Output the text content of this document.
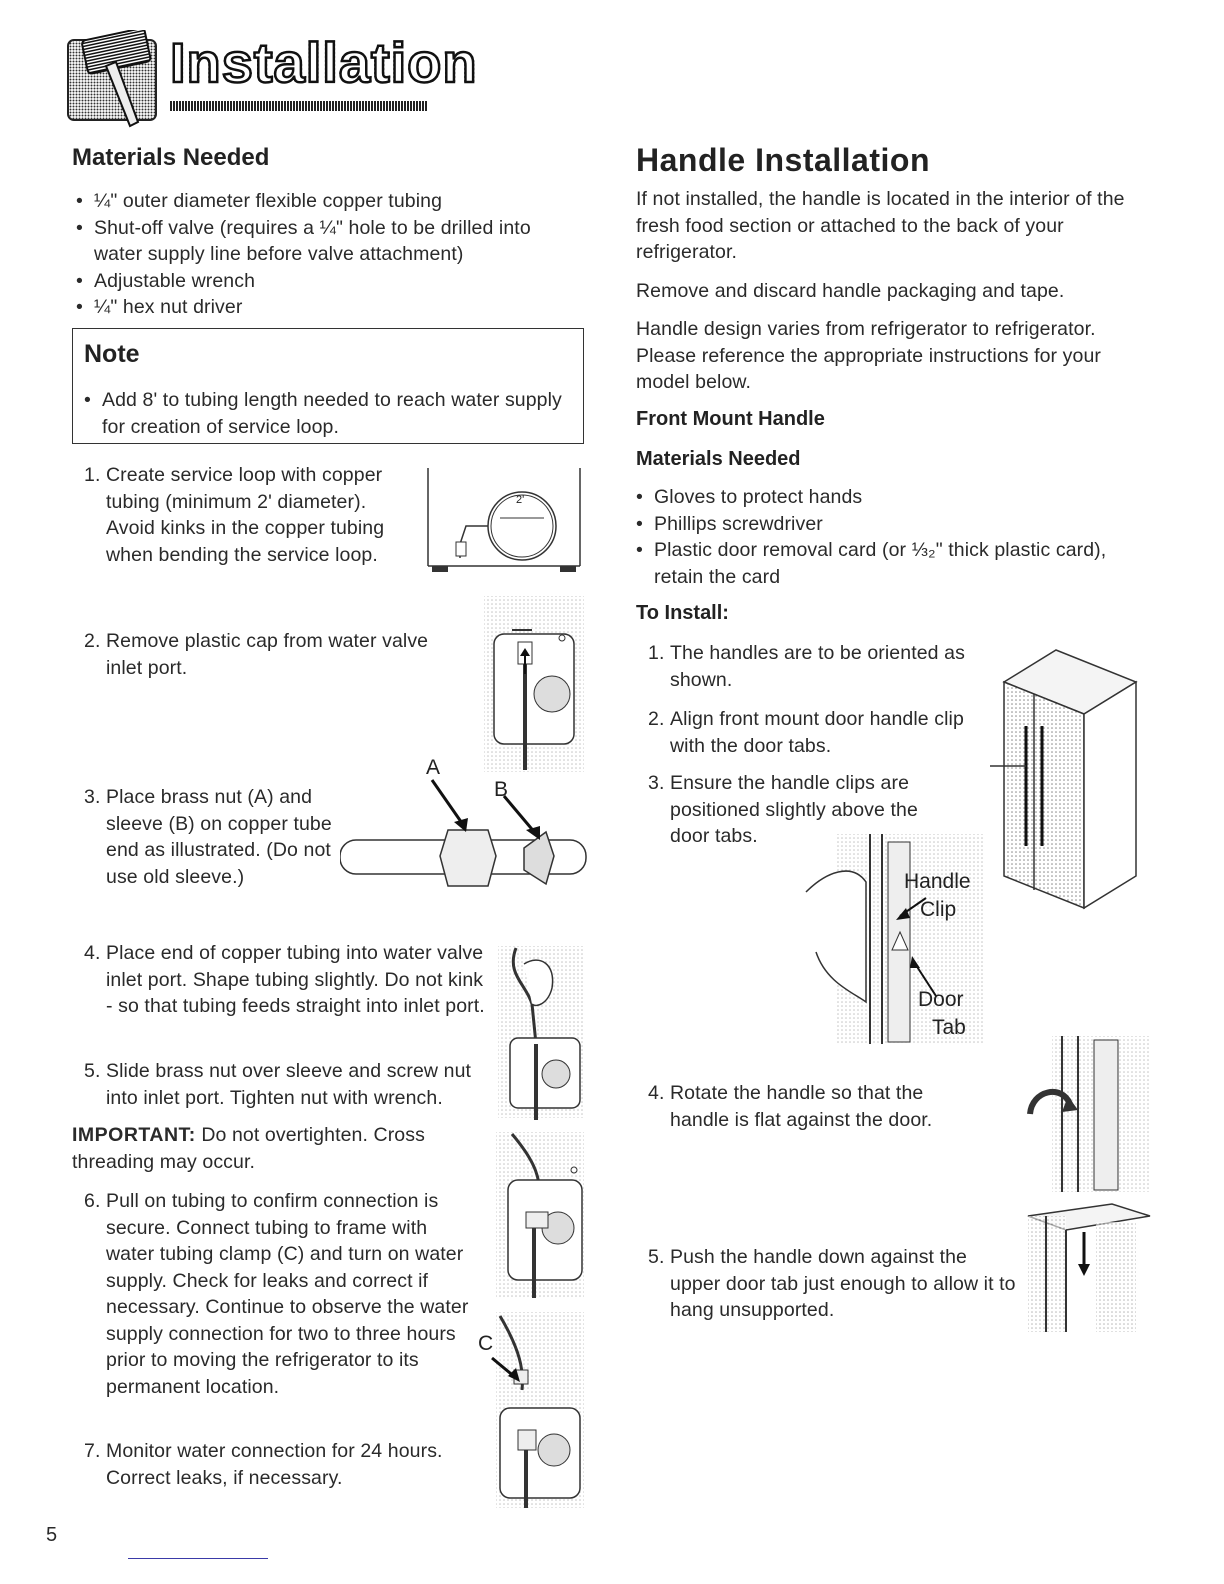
Installation
Materials Needed
• ¼" outer diameter flexible copper tubing
• Shut-off valve (requires a ¼" hole to be drilled into water supply line before valve attachment)
• Adjustable wrench
• ¼" hex nut driver
Note
• Add 8' to tubing length needed to reach water supply for creation of service loop.
1. Create service loop with copper tubing (minimum 2' diameter). Avoid kinks in the copper tubing when bending the service loop.
2. Remove plastic cap from water valve inlet port.
3. Place brass nut (A) and sleeve (B) on copper tube end as illustrated. (Do not use old sleeve.)
4. Place end of copper tubing into water valve inlet port. Shape tubing slightly. Do not kink - so that tubing feeds straight into inlet port.
5. Slide brass nut over sleeve and screw nut into inlet port. Tighten nut with wrench.
6. Pull on tubing to confirm connection is secure. Connect tubing to frame with water tubing clamp (C) and turn on water supply. Check for leaks and correct if necessary. Continue to observe the water supply connection for two to three hours prior to moving the refrigerator to its permanent location.
7. Monitor water connection for 24 hours. Correct leaks, if necessary.
IMPORTANT: Do not overtighten. Cross threading may occur.
2'
A
B
C
Handle Installation

If not installed, the handle is located in the interior of the fresh food section or attached to the back of your refrigerator.

Remove and discard handle packaging and tape.

Handle design varies from refrigerator to refrigerator. Please reference the appropriate instructions for your model below.

Front Mount Handle
Materials Needed
• Gloves to protect hands
• Phillips screwdriver
• Plastic door removal card (or ⅓₂" thick plastic card), retain the card
To Install:
1. The handles are to be oriented as shown.
2. Align front mount door handle clip with the door tabs.
3. Ensure the handle clips are positioned slightly above the door tabs.
4. Rotate the handle so that the handle is flat against the door.
5. Push the handle down against the upper door tab just enough to allow it to hang unsupported.
Handle
Clip
Door
Tab
5
